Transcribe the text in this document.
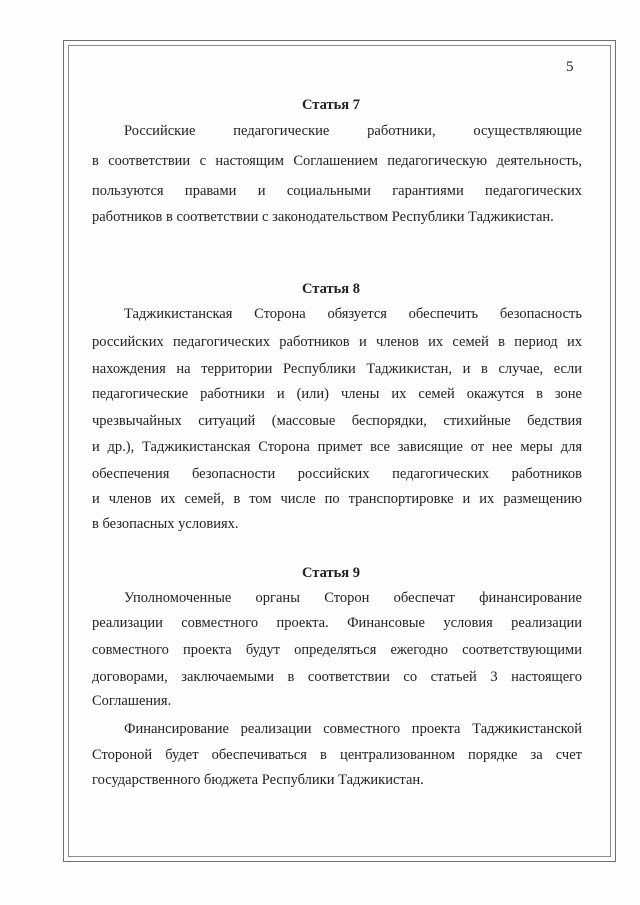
5
Статья 7
Российские педагогические работники, осуществляющие
в соответствии с настоящим Соглашением педагогическую деятельность,
пользуются правами и социальными гарантиями педагогических
работников в соответствии с законодательством Республики Таджикистан.
Статья 8
Таджикистанская Сторона обязуется обеспечить безопасность
российских педагогических работников и членов их семей в период их
нахождения на территории Республики Таджикистан, и в случае, если
педагогические работники и (или) члены их семей окажутся в зоне
чрезвычайных ситуаций (массовые беспорядки, стихийные бедствия
и др.), Таджикистанская Сторона примет все зависящие от нее меры для
обеспечения безопасности российских педагогических работников
и членов их семей, в том числе по транспортировке и их размещению
в безопасных условиях.
Статья 9
Уполномоченные органы Сторон обеспечат финансирование
реализации совместного проекта. Финансовые условия реализации
совместного проекта будут определяться ежегодно соответствующими
договорами, заключаемыми в соответствии со статьей 3 настоящего
Соглашения.
Финансирование реализации совместного проекта Таджикистанской
Стороной будет обеспечиваться в централизованном порядке за счет
государственного бюджета Республики Таджикистан.
